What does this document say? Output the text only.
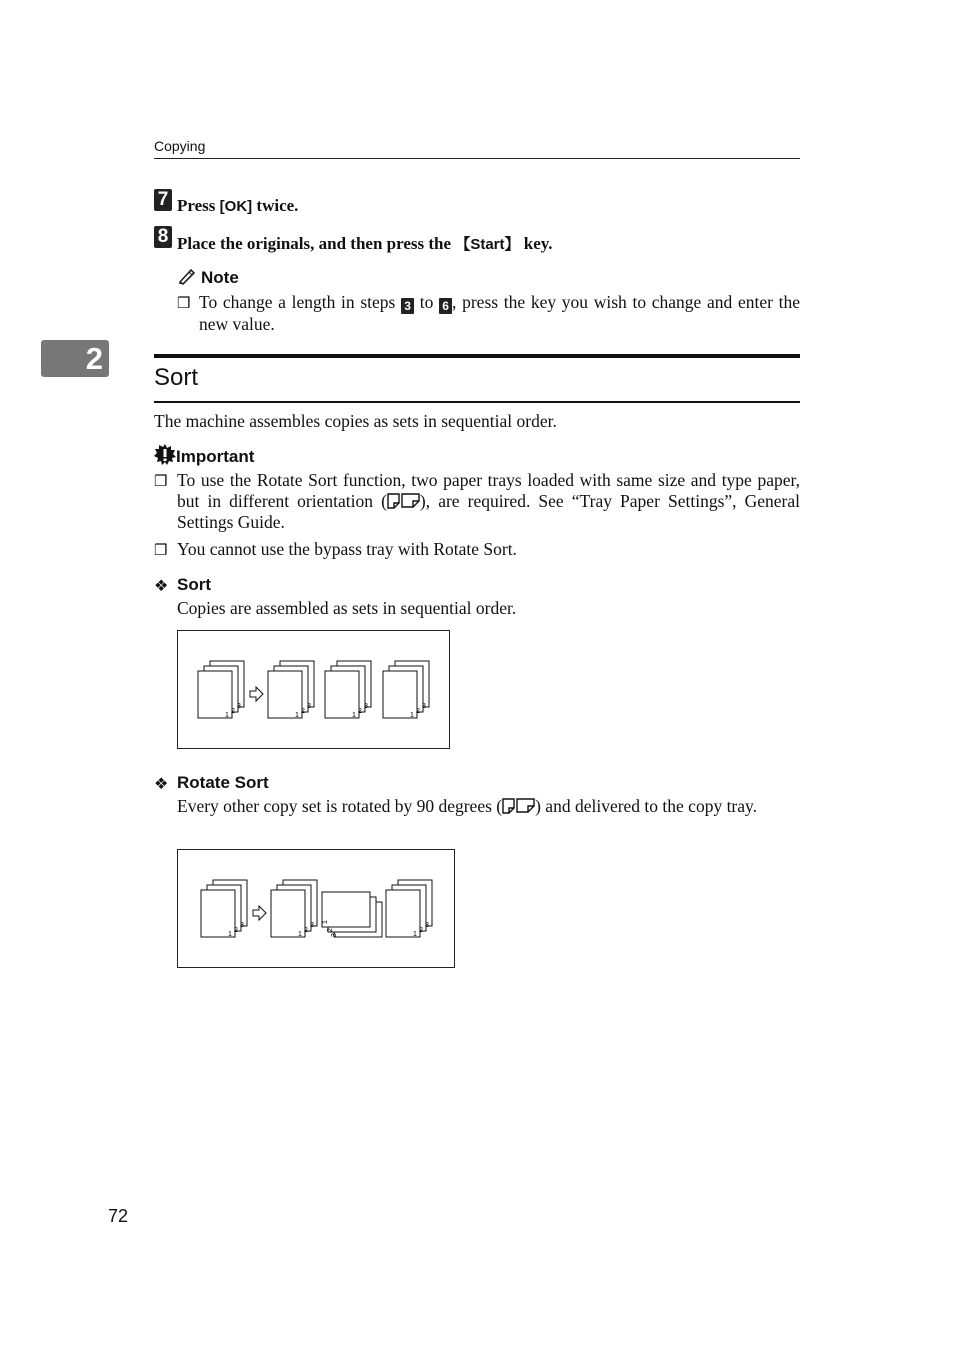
Copying
2
7 Press [OK] twice.
8 Place the originals, and then press the 【Start】 key.
Note
❒ To change a length in steps 3 to 6 , press the key you wish to change and enter the new value.
Sort
The machine assembles copies as sets in sequential order.
Important
❒ To use the Rotate Sort function, two paper trays loaded with same size and type paper, but in different orientation ( ), are required. See “Tray Paper Settings”, General Settings Guide.
❒ You cannot use the bypass tray with Rotate Sort.
❖ Sort
Copies are assembled as sets in sequential order.
3
2
1
3
2
1
3
2
1
3
2
1
❖ Rotate Sort
Every other copy set is rotated by 90 degrees ( ) and delivered to the copy tray.
3
2
1
3
2
1
1
2
3
3
2
1
72
